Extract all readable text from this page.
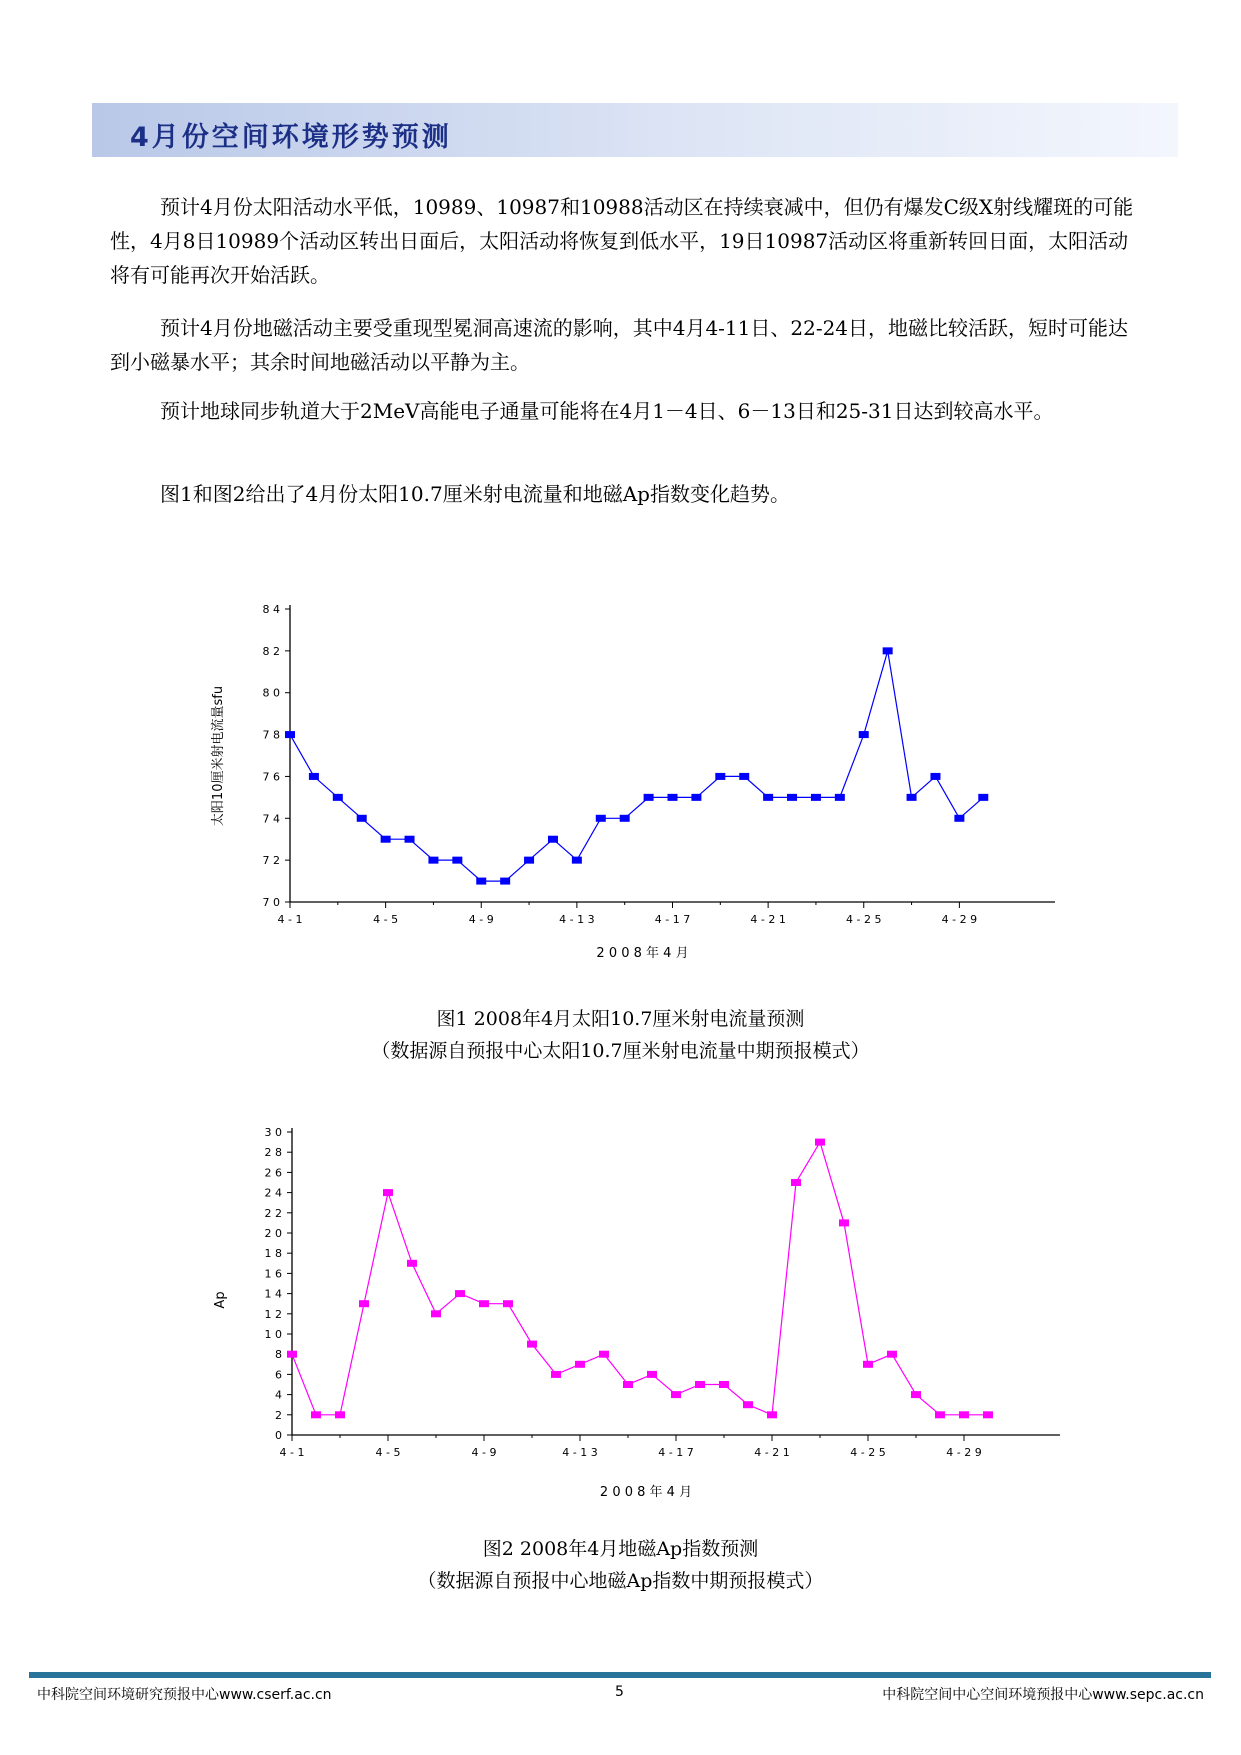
4月份空间环境形势预测

预计4月份太阳活动水平低，10989、10987和10988活动区在持续衰减中，但仍有爆发C级X射线耀斑的可能性，4月8日10989个活动区转出日面后，太阳活动将恢复到低水平，19日10987活动区将重新转回日面，太阳活动将有可能再次开始活跃。

预计4月份地磁活动主要受重现型冕洞高速流的影响，其中4月4-11日、22-24日，地磁比较活跃，短时可能达到小磁暴水平；其余时间地磁活动以平静为主。

预计地球同步轨道大于2MeV高能电子通量可能将在4月1－4日、6－13日和25-31日达到较高水平。

图1和图2给出了4月份太阳10.7厘米射电流量和地磁Ap指数变化趋势。

7 0
7 2
7 4
7 6
7 8
8 0
8 2
8 4
4 - 1	4 - 5	4 - 9	4 - 1 3	4 - 1 7	4 - 2 1	4 - 2 5	4 - 2 9
2 0 0 8 年 4 月
太阳10厘米射电流量sfu

图1 2008年4月太阳10.7厘米射电流量预测

（数据源自预报中心太阳10.7厘米射电流量中期预报模式）

0
2
4
6
8
1 0
1 2
1 4
1 6
1 8
2 0
2 2
2 4
2 6
2 8
3 0
4 - 1	4 - 5	4 - 9	4 - 1 3	4 - 1 7	4 - 2 1	4 - 2 5	4 - 2 9
2 0 0 8 年 4 月
Ap

图2 2008年4月地磁Ap指数预测

（数据源自预报中心地磁Ap指数中期预报模式）

中科院空间环境研究预报中心www.cserf.ac.cn	5	中科院空间中心空间环境预报中心www.sepc.ac.cn
